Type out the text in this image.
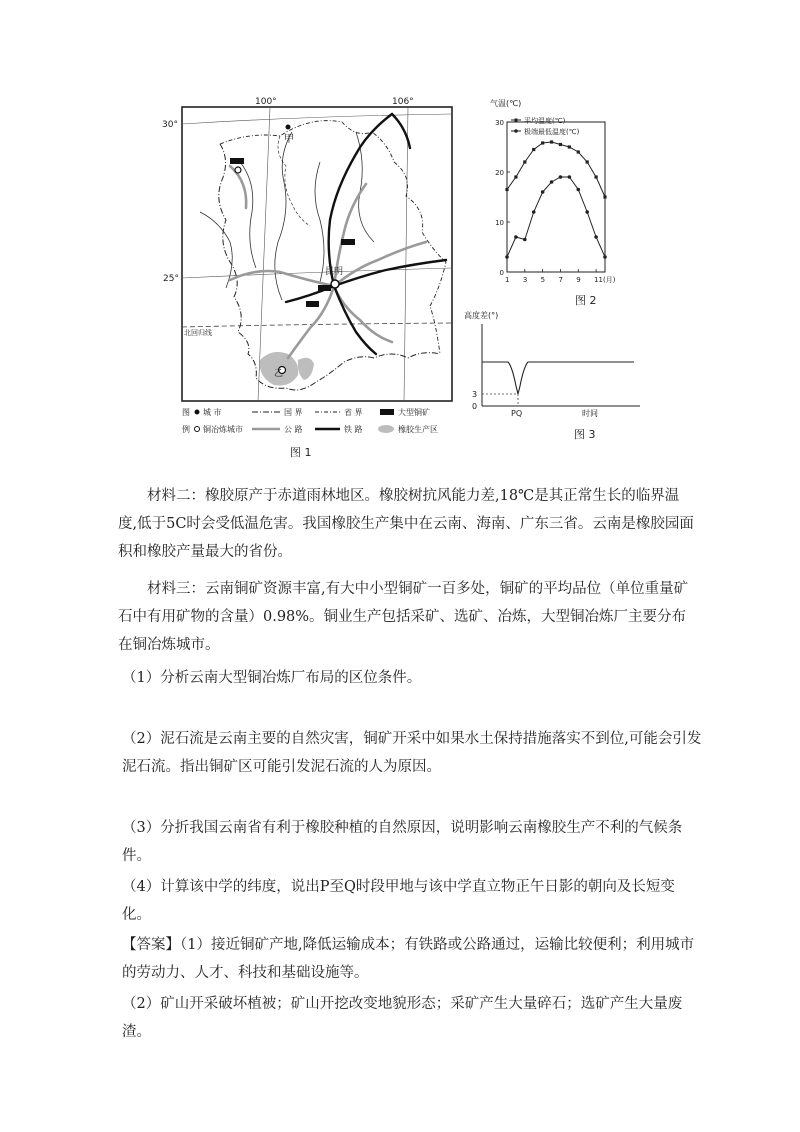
100°	106°
30°
25°
北回归线
甲
昆明
乙
图
例
城 市
铜冶炼城市
国 界
公 路
省 界
铁 路
大型铜矿
橡胶生产区
图 1
气温(℃)
0
10
20
30
1 3 5 7 9 11(月)
平均温度(℃)
极端最低温度(℃)
图 2
高度差(°)
3
0
PQ	时间
图 3

材料二：橡胶原产于赤道雨林地区。橡胶树抗风能力差,18℃是其正常生长的临界温度,低于5C时会受低温危害。我国橡胶生产集中在云南、海南、广东三省。云南是橡胶园面积和橡胶产量最大的省份。

材料三：云南铜矿资源丰富,有大中小型铜矿一百多处，铜矿的平均品位（单位重量矿石中有用矿物的含量）0.98%。铜业生产包括采矿、选矿、冶炼，大型铜冶炼厂主要分布在铜冶炼城市。

（1）分析云南大型铜冶炼厂布局的区位条件。

（2）泥石流是云南主要的自然灾害，铜矿开采中如果水土保持措施落实不到位,可能会引发泥石流。指出铜矿区可能引发泥石流的人为原因。

（3）分折我国云南省有利于橡胶种植的自然原因，说明影响云南橡胶生产不利的气候条件。

（4）计算该中学的纬度，说出P至Q时段甲地与该中学直立物正午日影的朝向及长短变化。

【答案】（1）接近铜矿产地,降低运输成本；有铁路或公路通过，运输比较便利；利用城市的劳动力、人才、科技和基础设施等。

（2）矿山开采破坏植被；矿山开挖改变地貌形态；采矿产生大量碎石；选矿产生大量废渣。
